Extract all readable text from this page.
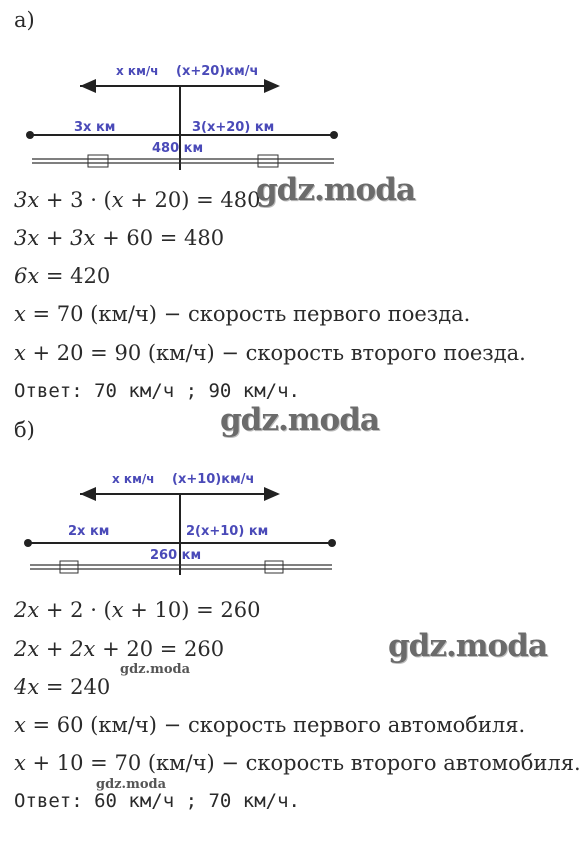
а)
x км/ч (x+20)км/ч
3x км	3(x+20) км
480 км
3x + 3 · (x + 20) = 480
3x + 3x + 60 = 480
6x = 420
x = 70 (км/ч) − скорость первого поезда.
x + 20 = 90 (км/ч) − скорость второго поезда.
Ответ: 70 км/ч ; 90 км/ч.
б)
x км/ч (x+10)км/ч
2x км	2(x+10) км
260 км
2x + 2 · (x + 10) = 260
2x + 2x + 20 = 260
4x = 240
x = 60 (км/ч) − скорость первого автомобиля.
x + 10 = 70 (км/ч) − скорость второго автомобиля.
Ответ: 60 км/ч ; 70 км/ч.
gdz.moda
gdz.moda
gdz.moda
gdz.moda
gdz.moda
